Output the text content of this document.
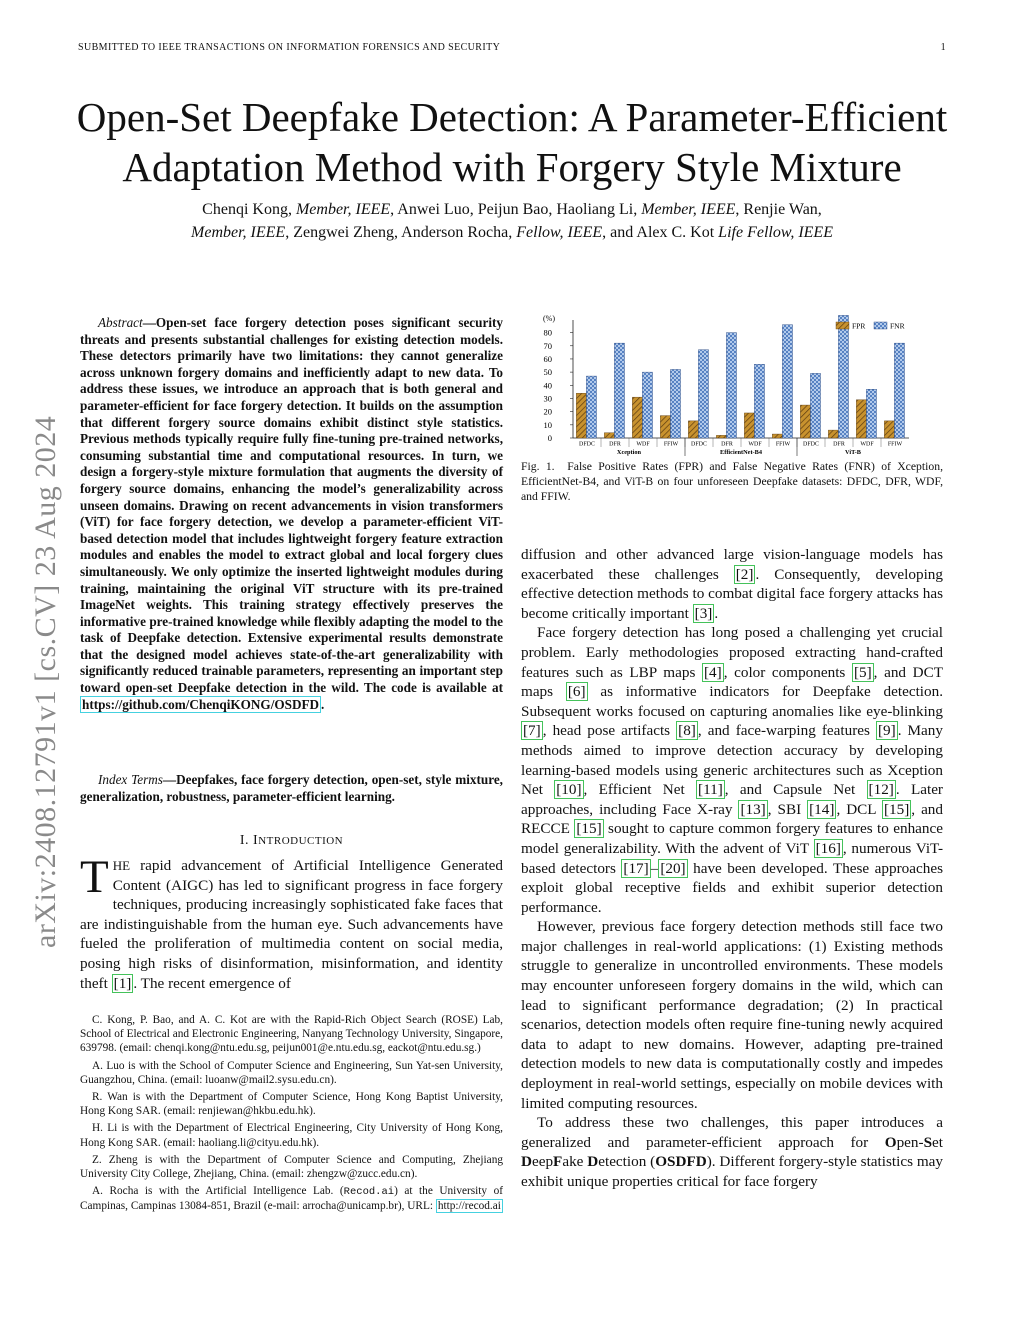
SUBMITTED TO IEEE TRANSACTIONS ON INFORMATION FORENSICS AND SECURITY	1
Open-Set Deepfake Detection: A Parameter-Efficient
Adaptation Method with Forgery Style Mixture
Chenqi Kong, Member, IEEE, Anwei Luo, Peijun Bao, Haoliang Li, Member, IEEE, Renjie Wan,
Member, IEEE, Zengwei Zheng, Anderson Rocha, Fellow, IEEE, and Alex C. Kot Life Fellow, IEEE
arXiv:2408.12791v1 [cs.CV] 23 Aug 2024
Abstract—Open-set face forgery detection poses significant security threats and presents substantial challenges for existing detection models. These detectors primarily have two limitations: they cannot generalize across unknown forgery domains and inefficiently adapt to new data. To address these issues, we introduce an approach that is both general and parameter-efficient for face forgery detection. It builds on the assumption that different forgery source domains exhibit distinct style statistics. Previous methods typically require fully fine-tuning pre-trained networks, consuming substantial time and computational resources. In turn, we design a forgery-style mixture formulation that augments the diversity of forgery source domains, enhancing the model’s generalizability across unseen domains. Drawing on recent advancements in vision transformers (ViT) for face forgery detection, we develop a parameter-efficient ViT-based detection model that includes lightweight forgery feature extraction modules and enables the model to extract global and local forgery clues simultaneously. We only optimize the inserted lightweight modules during training, maintaining the original ViT structure with its pre-trained ImageNet weights. This training strategy effectively preserves the informative pre-trained knowledge while flexibly adapting the model to the task of Deepfake detection. Extensive experimental results demonstrate that the designed model achieves state-of-the-art generalizability with significantly reduced trainable parameters, representing an important step toward open-set Deepfake detection in the wild. The code is available at https://github.com/ChenqiKONG/OSDFD .
Index Terms—Deepfakes, face forgery detection, open-set, style mixture, generalization, robustness, parameter-efficient learning.
I. INTRODUCTION
THE rapid advancement of Artificial Intelligence Generated Content (AIGC) has led to significant progress in face forgery techniques, producing increasingly sophisticated fake faces that are indistinguishable from the human eye. Such advancements have fueled the proliferation of multimedia content on social media, posing high risks of disinformation, misinformation, and identity theft [1] . The recent emergence of

C. Kong, P. Bao, and A. C. Kot are with the Rapid-Rich Object Search (ROSE) Lab, School of Electrical and Electronic Engineering, Nanyang Technology University, Singapore, 639798. (email: chenqi.kong@ntu.edu.sg, peijun001@e.ntu.edu.sg, eackot@ntu.edu.sg.)

A. Luo is with the School of Computer Science and Engineering, Sun Yat-sen University, Guangzhou, China. (email: luoanw@mail2.sysu.edu.cn).

R. Wan is with the Department of Computer Science, Hong Kong Baptist University, Hong Kong SAR. (email: renjiewan@hkbu.edu.hk).

H. Li is with the Department of Electrical Engineering, City University of Hong Kong, Hong Kong SAR. (email: haoliang.li@cityu.edu.hk).

Z. Zheng is with the Department of Computer Science and Computing, Zhejiang University City College, Zhejiang, China. (email: zhengzw@zucc.edu.cn).

A. Rocha is with the Artificial Intelligence Lab. (Recod.ai) at the University of Campinas, Campinas 13084-851, Brazil (e-mail: arrocha@unicamp.br), URL: http://recod.ai

(%)
0
10
20
30
40
50
60
70
80
DFDC DFR	WDF FFIW DFDC DFR	WDF FFIW DFDC DFR	WDF FFIW
Xception	EfficientNet-B4	ViT-B
FPR	FNR
Fig. 1. False Positive Rates (FPR) and False Negative Rates (FNR) of Xception, EfficientNet-B4, and ViT-B on four unforeseen Deepfake datasets: DFDC, DFR, WDF, and FFIW.

diffusion and other advanced large vision-language models has exacerbated these challenges [2] . Consequently, developing effective detection methods to combat digital face forgery attacks has become critically important [3] .

Face forgery detection has long posed a challenging yet crucial problem. Early methodologies proposed extracting hand-crafted features such as LBP maps [4] , color components [5] , and DCT maps [6] as informative indicators for Deepfake detection. Subsequent works focused on capturing anomalies like eye-blinking [7] , head pose artifacts [8] , and face-warping features [9] . Many methods aimed to improve detection accuracy by developing learning-based models using generic architectures such as Xception Net [10] , Efficient Net [11] , and Capsule Net [12] . Later approaches, including Face X-ray [13] , SBI [14] , DCL [15] , and RECCE [15] sought to capture common forgery features to enhance model generalizability. With the advent of ViT [16] , numerous ViT-based detectors [17] – [20] have been developed. These approaches exploit global receptive fields and exhibit superior detection performance.

However, previous face forgery detection methods still face two major challenges in real-world applications: (1) Existing methods struggle to generalize in uncontrolled environments. These models may encounter unforeseen forgery domains in the wild, which can lead to significant performance degradation; (2) In practical scenarios, detection models often require fine-tuning newly acquired data to adapt to new domains. However, adapting pre-trained detection models to new data is computationally costly and impedes deployment in real-world settings, especially on mobile devices with limited computing resources.

To address these two challenges, this paper introduces a generalized and parameter-efficient approach for Open-Set DeepFake Detection (OSDFD). Different forgery-style statistics may exhibit unique properties critical for face forgery
